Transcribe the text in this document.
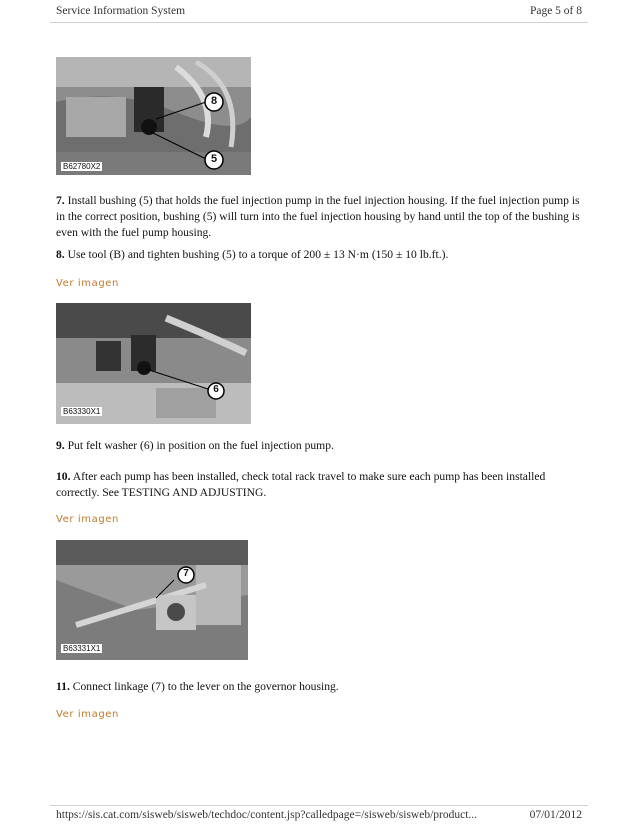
Service Information System	Page 5 of 8
8
5
B62780X2
7. Install bushing (5) that holds the fuel injection pump in the fuel injection housing. If the fuel injection pump is in the correct position, bushing (5) will turn into the fuel injection housing by hand until the top of the bushing is even with the fuel pump housing.
8. Use tool (B) and tighten bushing (5) to a torque of 200 ± 13 N·m (150 ± 10 lb.ft.).
Ver imagen
6
B63330X1
9. Put felt washer (6) in position on the fuel injection pump.
10. After each pump has been installed, check total rack travel to make sure each pump has been installed correctly. See TESTING AND ADJUSTING.
Ver imagen
7
B63331X1
11. Connect linkage (7) to the lever on the governor housing.
Ver imagen
https://sis.cat.com/sisweb/sisweb/techdoc/content.jsp?calledpage=/sisweb/sisweb/product...	07/01/2012
